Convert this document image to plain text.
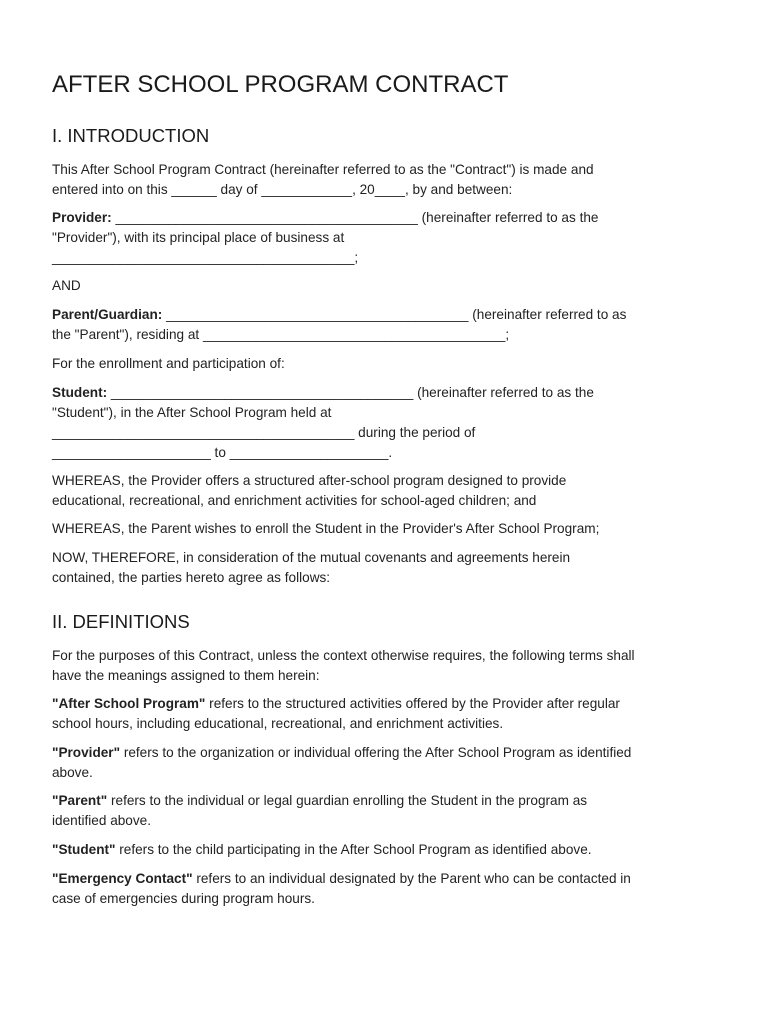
AFTER SCHOOL PROGRAM CONTRACT
I. INTRODUCTION

This After School Program Contract (hereinafter referred to as the "Contract") is made and
entered into on this ______ day of ____________, 20____, by and between:

Provider: ________________________________________ (hereinafter referred to as the
"Provider"), with its principal place of business at
________________________________________;

AND

Parent/Guardian: ________________________________________ (hereinafter referred to as
the "Parent"), residing at ________________________________________;

For the enrollment and participation of:

Student: ________________________________________ (hereinafter referred to as the
"Student"), in the After School Program held at
________________________________________ during the period of
_____________________ to _____________________.

WHEREAS, the Provider offers a structured after-school program designed to provide
educational, recreational, and enrichment activities for school-aged children; and

WHEREAS, the Parent wishes to enroll the Student in the Provider's After School Program;

NOW, THEREFORE, in consideration of the mutual covenants and agreements herein
contained, the parties hereto agree as follows:

II. DEFINITIONS

For the purposes of this Contract, unless the context otherwise requires, the following terms shall
have the meanings assigned to them herein:

"After School Program" refers to the structured activities offered by the Provider after regular
school hours, including educational, recreational, and enrichment activities.

"Provider" refers to the organization or individual offering the After School Program as identified
above.

"Parent" refers to the individual or legal guardian enrolling the Student in the program as
identified above.

"Student" refers to the child participating in the After School Program as identified above.

"Emergency Contact" refers to an individual designated by the Parent who can be contacted in
case of emergencies during program hours.
